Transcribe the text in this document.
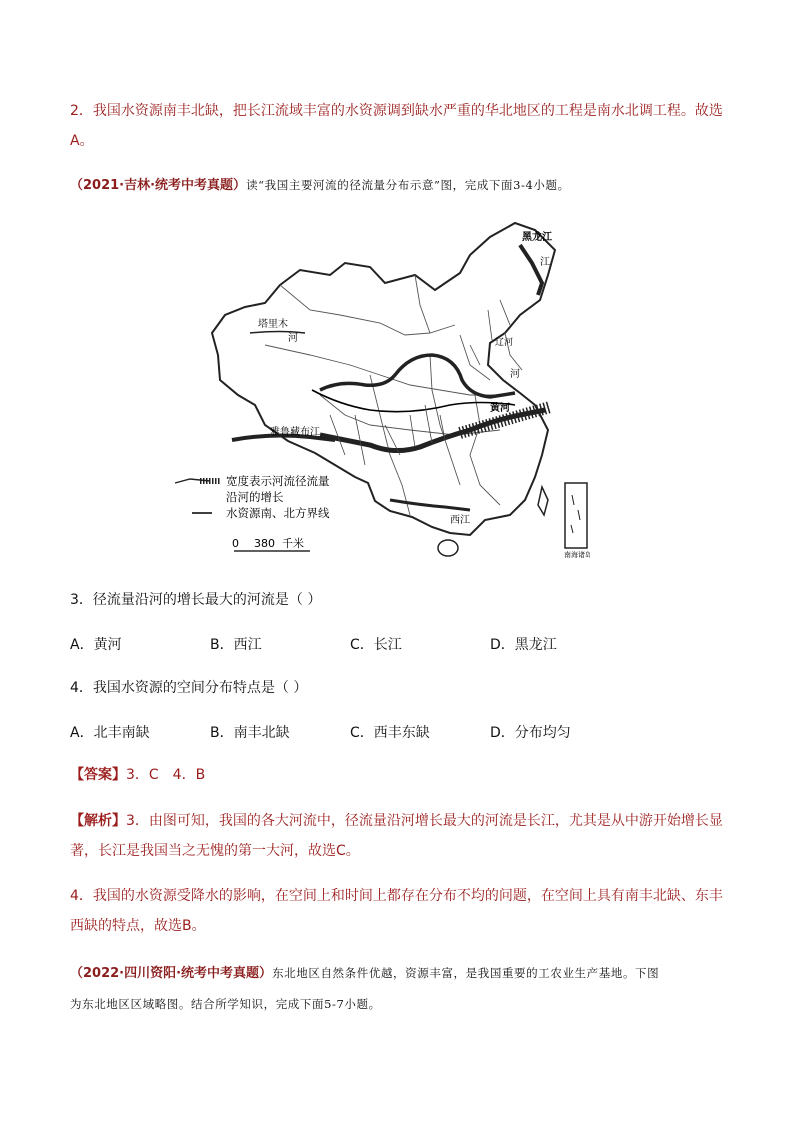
2．我国水资源南丰北缺，把长江流域丰富的水资源调到缺水严重的华北地区的工程是南水北调工程。故选
A。
（2021·吉林·统考中考真题）读“我国主要河流的径流量分布示意”图，完成下面3-4小题。
黑龙江
江
塔里木
河	辽河
河
黄河
雅鲁藏布江
西江
南海诸岛
宽度表示河流径流量
沿河的增长
水资源南、北方界线
0 380 千米
3．径流量沿河的增长最大的河流是（ ）
A．黄河	B．西江	C．长江	D．黑龙江
4．我国水资源的空间分布特点是（ ）
A．北丰南缺	B．南丰北缺	C．西丰东缺	D．分布均匀
【答案】3．C　4．B
【解析】3．由图可知，我国的各大河流中，径流量沿河增长最大的河流是长江，尤其是从中游开始增长显
著，长江是我国当之无愧的第一大河，故选C。
4．我国的水资源受降水的影响，在空间上和时间上都存在分布不均的问题，在空间上具有南丰北缺、东丰
西缺的特点，故选B。
（2022·四川资阳·统考中考真题）东北地区自然条件优越，资源丰富，是我国重要的工农业生产基地。下图
为东北地区区域略图。结合所学知识，完成下面5-7小题。
